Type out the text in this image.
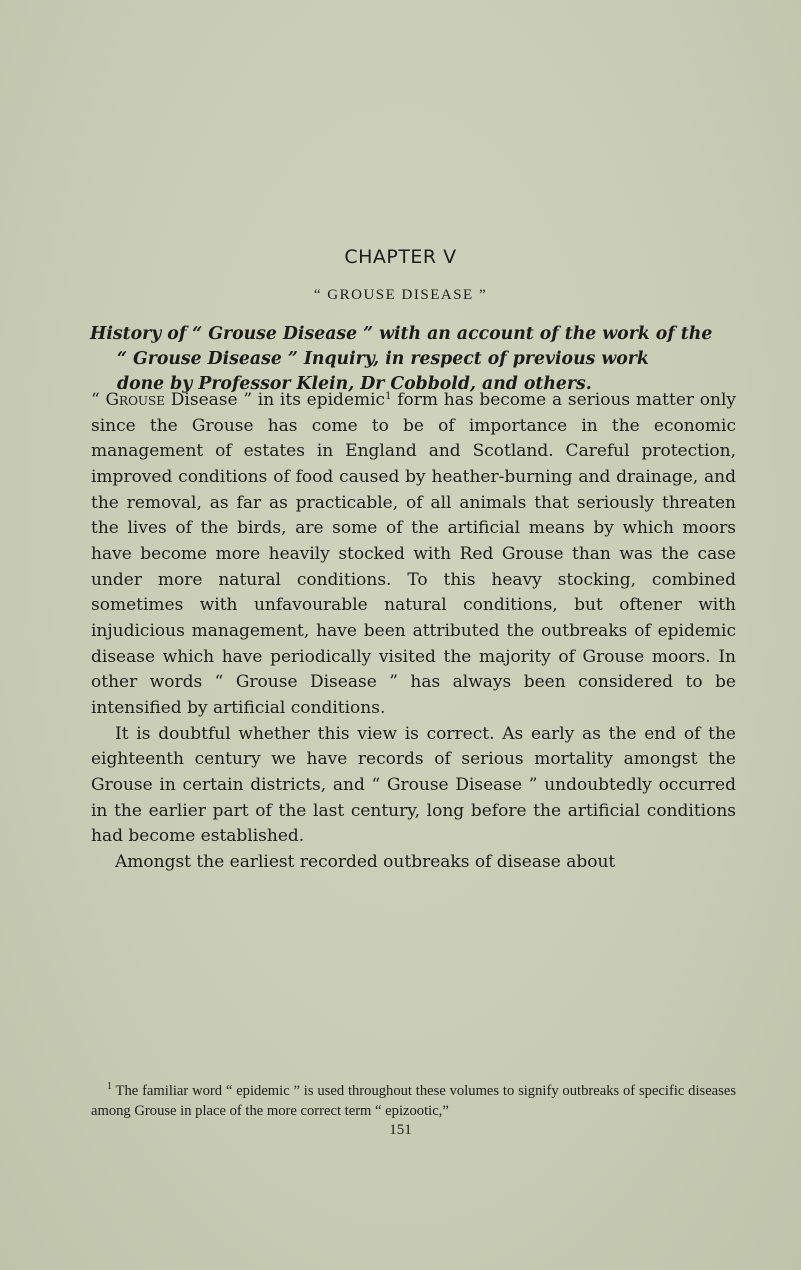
CHAPTER V
“ GROUSE DISEASE ”
History of “ Grouse Disease ” with an account of the work of the
“ Grouse Disease ” Inquiry, in respect of previous work
done by Professor Klein, Dr Cobbold, and others.

“ Grouse Disease ” in its epidemic$^1$ form has become a serious matter only since the Grouse has come to be of importance in the economic management of estates in England and Scotland. Careful protection, improved conditions of food caused by heather-burning and drainage, and the removal, as far as practicable, of all animals that seriously threaten the lives of the birds, are some of the artificial means by which moors have become more heavily stocked with Red Grouse than was the case under more natural conditions. To this heavy stocking, combined sometimes with unfavourable natural conditions, but oftener with injudicious management, have been attributed the outbreaks of epidemic disease which have periodically visited the majority of Grouse moors. In other words “ Grouse Disease ” has always been considered to be intensified by artificial conditions.

It is doubtful whether this view is correct. As early as the end of the eighteenth century we have records of serious mortality amongst the Grouse in certain districts, and “ Grouse Disease ” undoubtedly occurred in the earlier part of the last century, long before the artificial conditions had become established.

Amongst the earliest recorded outbreaks of disease about

$^1$ The familiar word “ epidemic ” is used throughout these volumes to signify outbreaks of specific diseases among Grouse in place of the more correct term “ epizootic,”

151
